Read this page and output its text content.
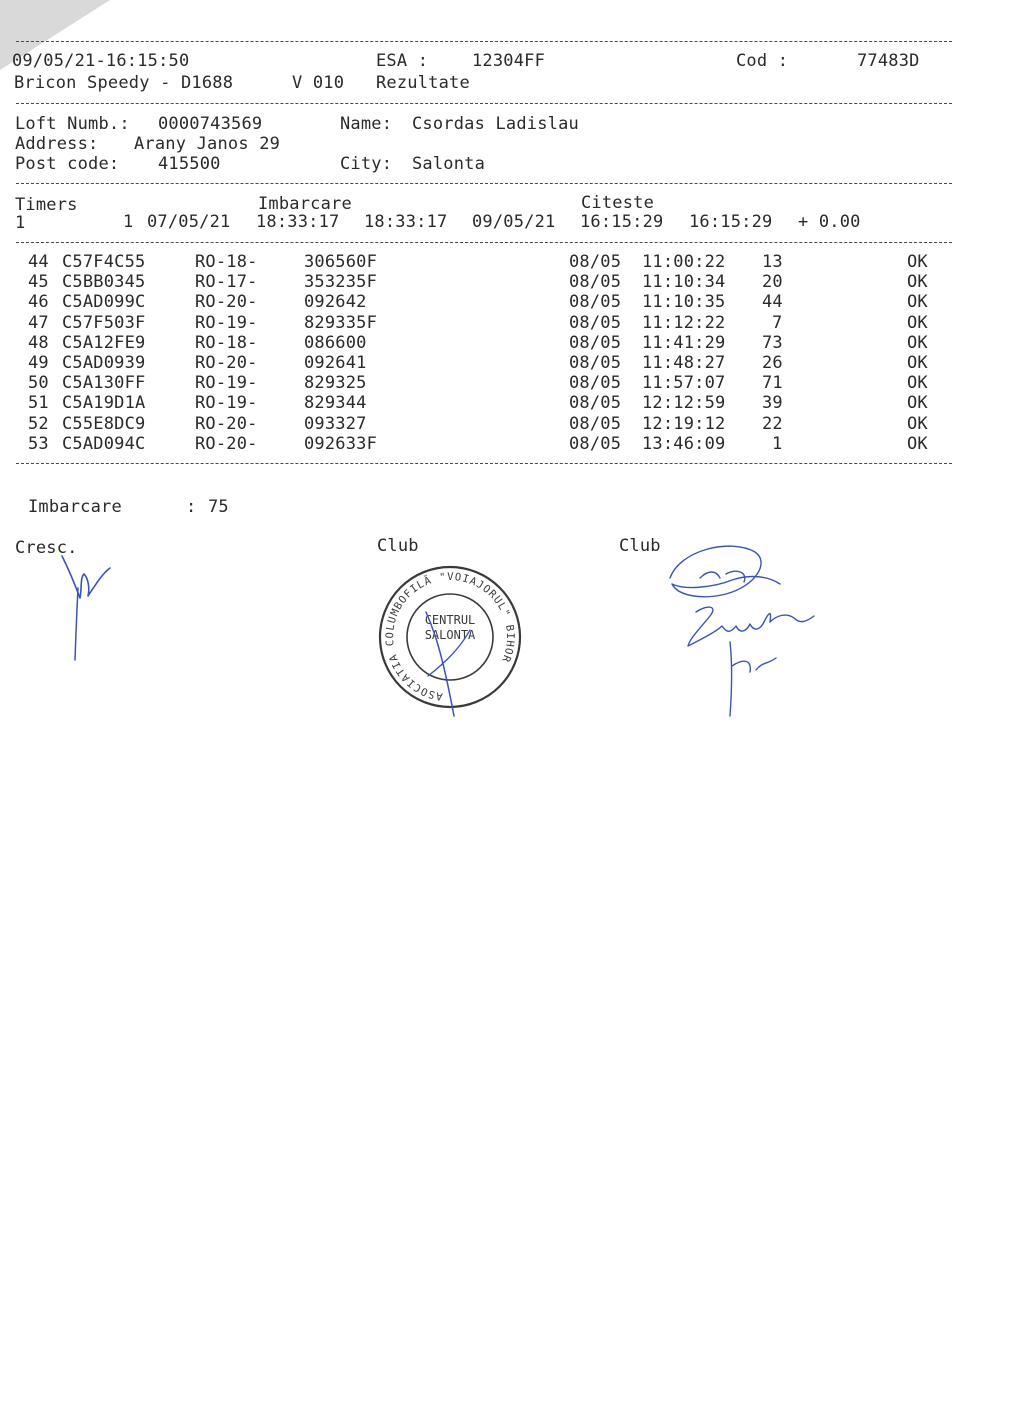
09/05/21-16:15:50	ESA :	12304FF	Cod :	77483D
Bricon Speedy - D1688	V 010 Rezultate
Loft Numb.: 0000743569	Name: Csordas Ladislau
Address: Arany Janos 29
Post code: 415500	City: Salonta
Timers	Imbarcare	Citeste
1	1 07/05/21 18:33:17 18:33:17 09/05/21 16:15:29 16:15:29 + 0.00
44 C57F4C55	RO-18-	306560F	08/05 11:00:22 13	OK
45 C5BB0345	RO-17-	353235F	08/05 11:10:34 20	OK
46 C5AD099C	RO-20-	092642	08/05 11:10:35 44	OK
47 C57F503F	RO-19-	829335F	08/05 11:12:22	7	OK
48 C5A12FE9	RO-18-	086600	08/05 11:41:29 73	OK
49 C5AD0939	RO-20-	092641	08/05 11:48:27 26	OK
50 C5A130FF	RO-19-	829325	08/05 11:57:07 71	OK
51 C5A19D1A	RO-19-	829344	08/05 12:12:59 39	OK
52 C55E8DC9	RO-20-	093327	08/05 12:19:12 22	OK
53 C5AD094C	RO-20-	092633F	08/05 13:46:09	1	OK
Imbarcare	: 75
Cresc.	Club	Club
ASOCIATIA COLUMBOFILĂ "VOIAJORUL" BIHOR
CENTRUL
SALONTA
